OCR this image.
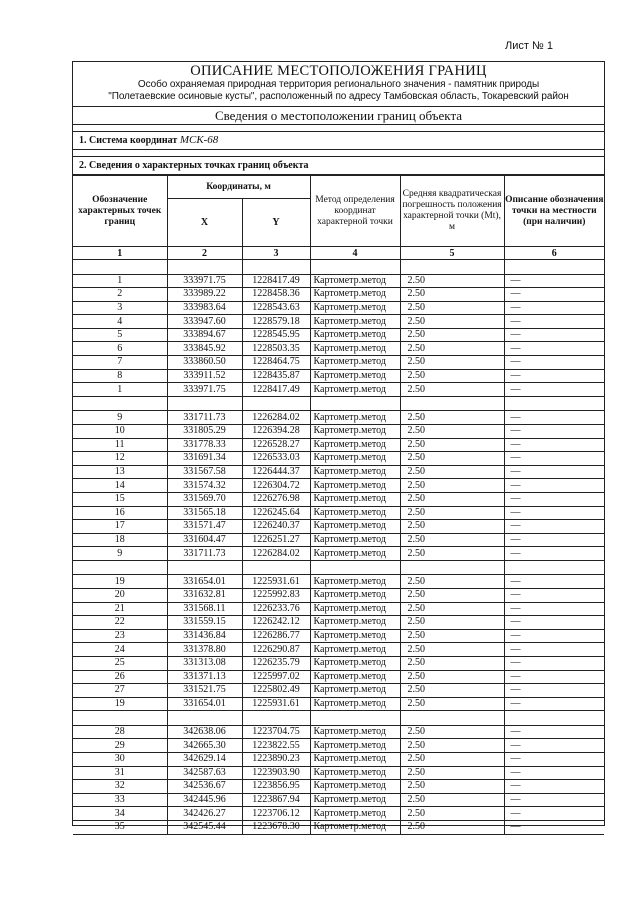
Лист № 1
ОПИСАНИЕ МЕСТОПОЛОЖЕНИЯ ГРАНИЦ
Особо охраняемая природная территория регионального значения - памятник природы
"Полетаевские осиновые кусты", расположенный по адресу Тамбовская область, Токаревский район
Сведения о местоположении границ объекта
1. Система координат МСК-68
2. Сведения о характерных точках границ объекта
Обозначение характерных точек границ	Координаты, м		Метод определения координат характерной точки	Средняя квадратическая погрешность положения характерной точки (Mt), м	Описание обозначения точки на местности (при наличии)
	X	Y			
1	2	3	4	5	6

1	333971.75	1228417.49	Картометр.метод	2.50	—
2	333989.22	1228458.36	Картометр.метод	2.50	—
3	333983.64	1228543.63	Картометр.метод	2.50	—
4	333947.60	1228579.18	Картометр.метод	2.50	—
5	333894.67	1228545.95	Картометр.метод	2.50	—
6	333845.92	1228503.35	Картометр.метод	2.50	—
7	333860.50	1228464.75	Картометр.метод	2.50	—
8	333911.52	1228435.87	Картометр.метод	2.50	—
1	333971.75	1228417.49	Картометр.метод	2.50	—

9	331711.73	1226284.02	Картометр.метод	2.50	—
10	331805.29	1226394.28	Картометр.метод	2.50	—
11	331778.33	1226528.27	Картометр.метод	2.50	—
12	331691.34	1226533.03	Картометр.метод	2.50	—
13	331567.58	1226444.37	Картометр.метод	2.50	—
14	331574.32	1226304.72	Картометр.метод	2.50	—
15	331569.70	1226276.98	Картометр.метод	2.50	—
16	331565.18	1226245.64	Картометр.метод	2.50	—
17	331571.47	1226240.37	Картометр.метод	2.50	—
18	331604.47	1226251.27	Картометр.метод	2.50	—
9	331711.73	1226284.02	Картометр.метод	2.50	—

19	331654.01	1225931.61	Картометр.метод	2.50	—
20	331632.81	1225992.83	Картометр.метод	2.50	—
21	331568.11	1226233.76	Картометр.метод	2.50	—
22	331559.15	1226242.12	Картометр.метод	2.50	—
23	331436.84	1226286.77	Картометр.метод	2.50	—
24	331378.80	1226290.87	Картометр.метод	2.50	—
25	331313.08	1226235.79	Картометр.метод	2.50	—
26	331371.13	1225997.02	Картометр.метод	2.50	—
27	331521.75	1225802.49	Картометр.метод	2.50	—
19	331654.01	1225931.61	Картометр.метод	2.50	—

28	342638.06	1223704.75	Картометр.метод	2.50	—
29	342665.30	1223822.55	Картометр.метод	2.50	—
30	342629.14	1223890.23	Картометр.метод	2.50	—
31	342587.63	1223903.90	Картометр.метод	2.50	—
32	342536.67	1223856.95	Картометр.метод	2.50	—
33	342445.96	1223867.94	Картометр.метод	2.50	—
34	342426.27	1223706.12	Картометр.метод	2.50	—
35	342545.44	1223678.30	Картометр.метод	2.50	—
